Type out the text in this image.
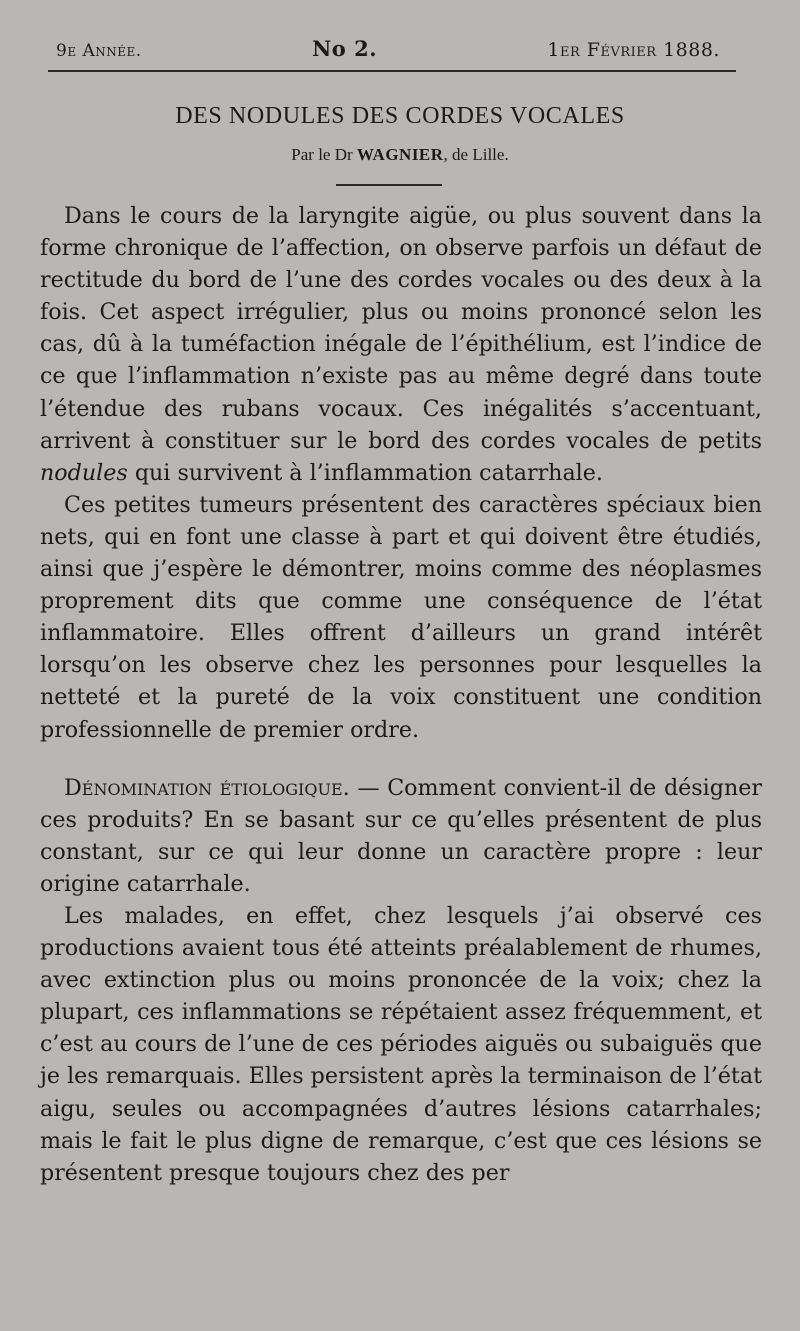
9e Année.	No 2.	1er Février 1888.
DES NODULES DES CORDES VOCALES
Par le Dr WAGNIER, de Lille.

Dans le cours de la laryngite aigüe, ou plus souvent dans la forme chronique de l’affection, on observe parfois un défaut de rectitude du bord de l’une des cordes vocales ou des deux à la fois. Cet aspect irrégulier, plus ou moins prononcé selon les cas, dû à la tuméfaction inégale de l’épithélium, est l’indice de ce que l’inflammation n’existe pas au même degré dans toute l’étendue des rubans vocaux. Ces inégalités s’accentuant, arrivent à constituer sur le bord des cordes vocales de petits nodules qui survivent à l’inflammation catarrhale.

Ces petites tumeurs présentent des caractères spéciaux bien nets, qui en font une classe à part et qui doivent être étudiés, ainsi que j’espère le démontrer, moins comme des néoplasmes proprement dits que comme une conséquence de l’état inflammatoire. Elles offrent d’ailleurs un grand intérêt lorsqu’on les observe chez les personnes pour lesquelles la netteté et la pureté de la voix constituent une condition professionnelle de premier ordre.

Dénomination étiologique. — Comment convient-il de désigner ces produits? En se basant sur ce qu’elles présentent de plus constant, sur ce qui leur donne un caractère propre : leur origine catarrhale.

Les malades, en effet, chez lesquels j’ai observé ces productions avaient tous été atteints préalablement de rhumes, avec extinction plus ou moins prononcée de la voix; chez la plupart, ces inflammations se répétaient assez fréquemment, et c’est au cours de l’une de ces périodes aiguës ou subaiguës que je les remarquais. Elles persistent après la terminaison de l’état aigu, seules ou accompagnées d’autres lésions catarrhales; mais le fait le plus digne de remarque, c’est que ces lésions se présentent presque toujours chez des per
